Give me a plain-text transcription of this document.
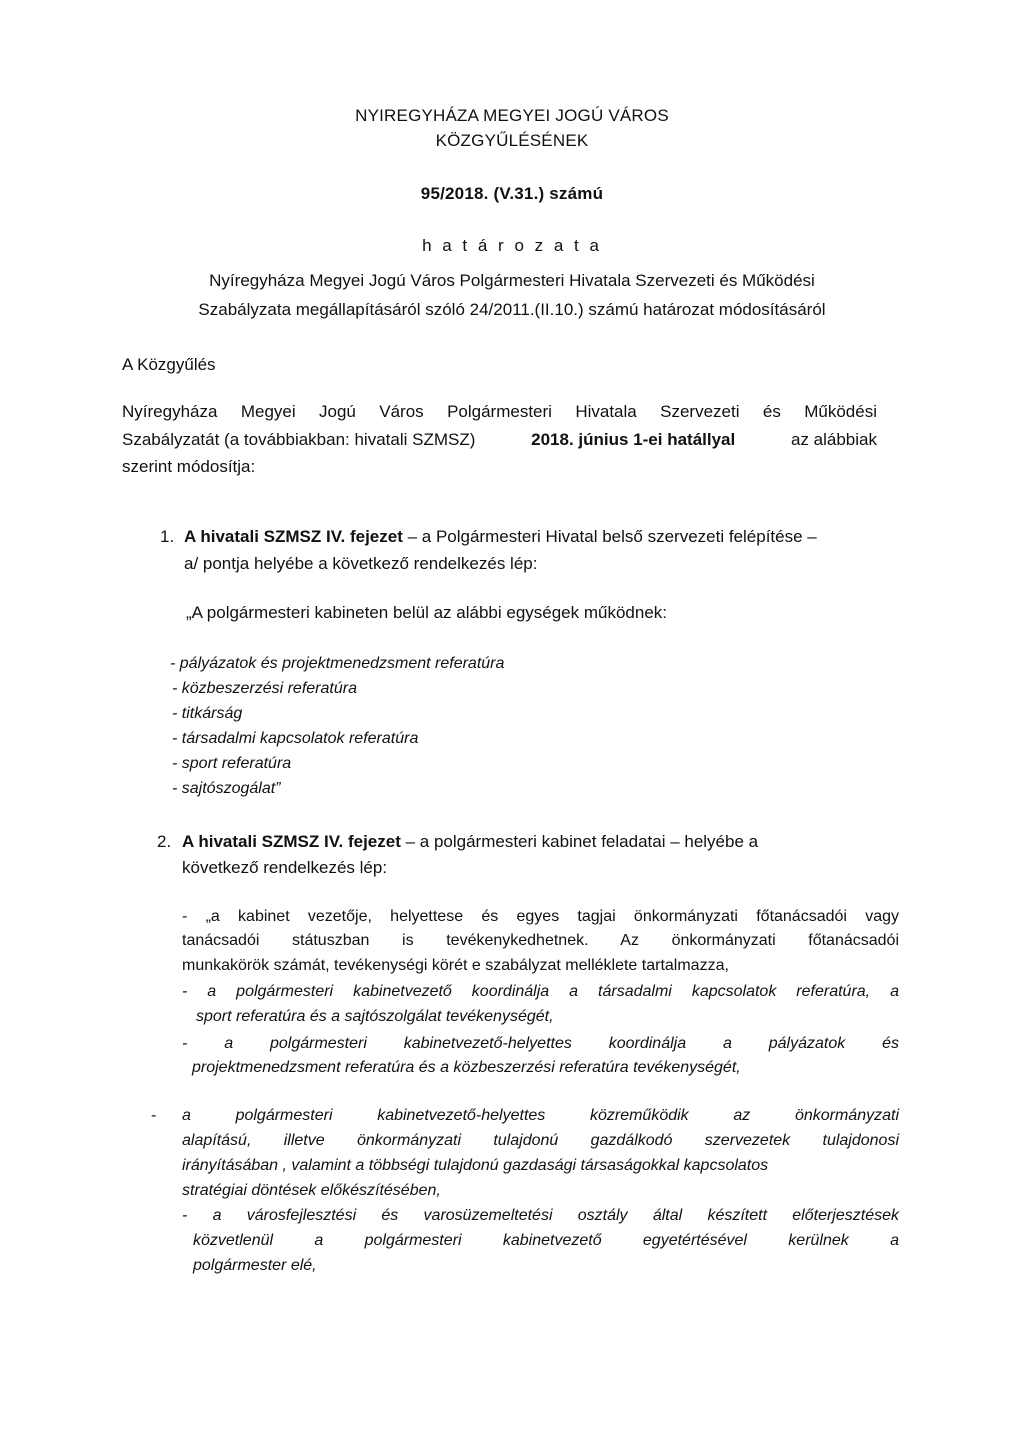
NYIREGYHÁZA MEGYEI JOGÚ VÁROS
KÖZGYŰLÉSÉNEK
95/2018. (V.31.) számú
h a t á r o z a t a
Nyíregyháza Megyei Jogú Város Polgármesteri Hivatala Szervezeti és Működési
Szabályzata megállapításáról szóló 24/2011.(II.10.) számú határozat módosításáról
A Közgyűlés
Nyíregyháza Megyei Jogú Város Polgármesteri Hivatala Szervezeti és Működési
Szabályzatát (a továbbiakban: hivatali SZMSZ)	2018. június 1-ei hatállyal	az alábbiak
szerint módosítja:
1. A hivatali SZMSZ IV. fejezet – a Polgármesteri Hivatal belső szervezeti felépítése –
a/ pontja helyébe a következő rendelkezés lép:
„A polgármesteri kabineten belül az alábbi egységek működnek:
- pályázatok és projektmenedzsment referatúra
- közbeszerzési referatúra
- titkárság
- társadalmi kapcsolatok referatúra
- sport referatúra
- sajtószogálat”
2. A hivatali SZMSZ IV. fejezet – a polgármesteri kabinet feladatai – helyébe a
következő rendelkezés lép:
- „a kabinet vezetője, helyettese és egyes tagjai önkormányzati főtanácsadói vagy
tanácsadói státuszban is tevékenykedhetnek. Az önkormányzati főtanácsadói
munkakörök számát, tevékenységi körét e szabályzat melléklete tartalmazza,
- a polgármesteri kabinetvezető koordinálja a társadalmi kapcsolatok referatúra, a
sport referatúra és a sajtószolgálat tevékenységét,
- a polgármesteri kabinetvezető-helyettes koordinálja a pályázatok és
projektmenedzsment referatúra és a közbeszerzési referatúra tevékenységét,
- a polgármesteri kabinetvezető-helyettes közreműködik az önkormányzati
alapítású, illetve önkormányzati tulajdonú gazdálkodó szervezetek tulajdonosi
irányításában , valamint a többségi tulajdonú gazdasági társaságokkal kapcsolatos
stratégiai döntések előkészítésében,
- a városfejlesztési és varosüzemeltetési osztály által készített előterjesztések
közvetlenül a polgármesteri kabinetvezető egyetértésével kerülnek a
polgármester elé,
